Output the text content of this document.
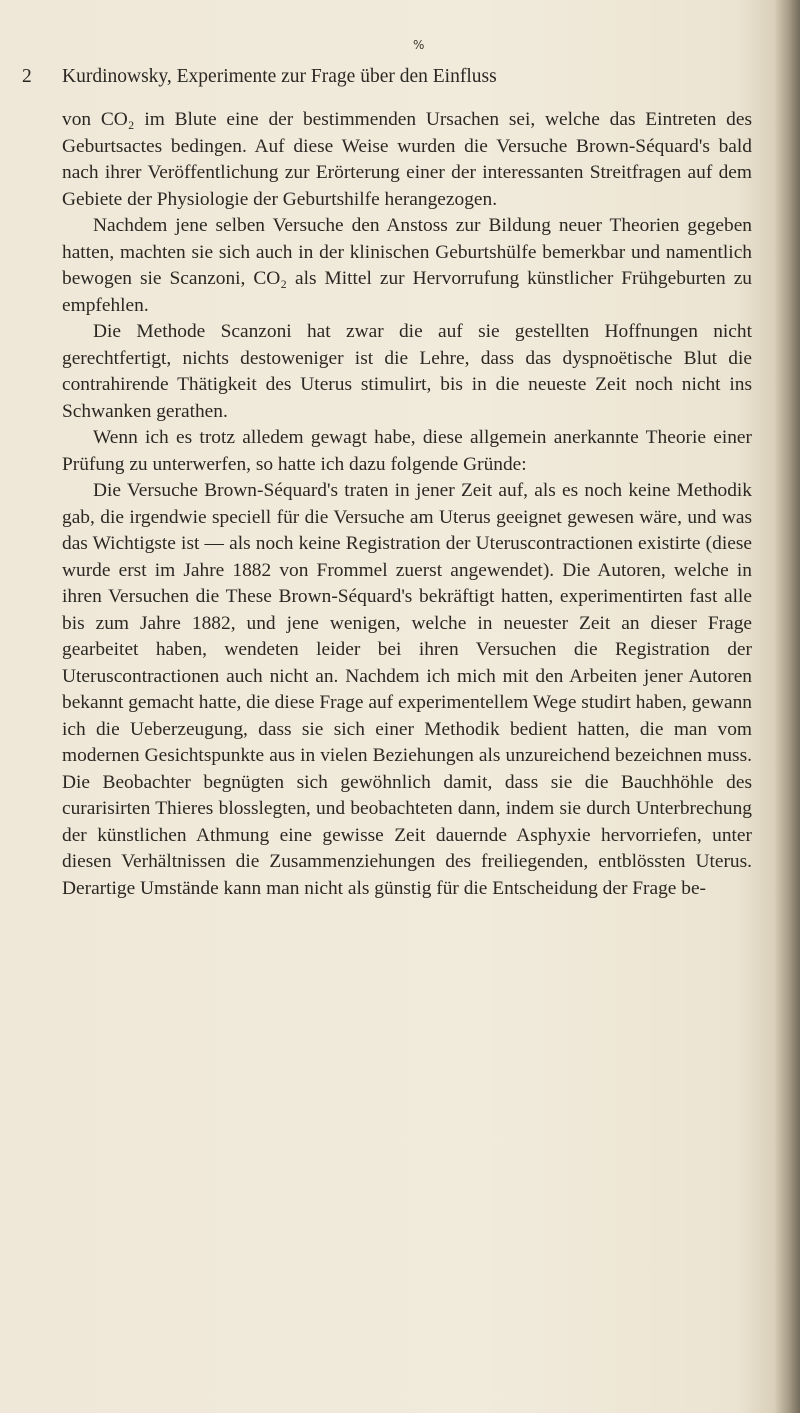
%
2 Kurdinowsky, Experimente zur Frage über den Einfluss

von CO₂ im Blute eine der bestimmenden Ursachen sei, welche das Eintreten des Geburtsactes bedingen. Auf diese Weise wurden die Versuche Brown-Séquard's bald nach ihrer Veröffentlichung zur Erörterung einer der interessanten Streitfragen auf dem Gebiete der Physiologie der Geburtshilfe herangezogen.

Nachdem jene selben Versuche den Anstoss zur Bildung neuer Theorien gegeben hatten, machten sie sich auch in der klinischen Geburtshülfe bemerkbar und namentlich bewogen sie Scanzoni, CO₂ als Mittel zur Hervorrufung künstlicher Frühgeburten zu empfehlen.

Die Methode Scanzoni hat zwar die auf sie gestellten Hoffnungen nicht gerechtfertigt, nichts destoweniger ist die Lehre, dass das dyspnoëtische Blut die contrahirende Thätigkeit des Uterus stimulirt, bis in die neueste Zeit noch nicht ins Schwanken gerathen.

Wenn ich es trotz alledem gewagt habe, diese allgemein anerkannte Theorie einer Prüfung zu unterwerfen, so hatte ich dazu folgende Gründe:

Die Versuche Brown-Séquard's traten in jener Zeit auf, als es noch keine Methodik gab, die irgendwie speciell für die Versuche am Uterus geeignet gewesen wäre, und was das Wichtigste ist — als noch keine Registration der Uteruscontractionen existirte (diese wurde erst im Jahre 1882 von Frommel zuerst angewendet). Die Autoren, welche in ihren Versuchen die These Brown-Séquard's bekräftigt hatten, experimentirten fast alle bis zum Jahre 1882, und jene wenigen, welche in neuester Zeit an dieser Frage gearbeitet haben, wendeten leider bei ihren Versuchen die Registration der Uteruscontractionen auch nicht an. Nachdem ich mich mit den Arbeiten jener Autoren bekannt gemacht hatte, die diese Frage auf experimentellem Wege studirt haben, gewann ich die Ueberzeugung, dass sie sich einer Methodik bedient hatten, die man vom modernen Gesichtspunkte aus in vielen Beziehungen als unzureichend bezeichnen muss. Die Beobachter begnügten sich gewöhnlich damit, dass sie die Bauchhöhle des curarisirten Thieres blosslegten, und beobachteten dann, indem sie durch Unterbrechung der künstlichen Athmung eine gewisse Zeit dauernde Asphyxie hervorriefen, unter diesen Verhältnissen die Zusammenziehungen des freiliegenden, entblössten Uterus. Derartige Umstände kann man nicht als günstig für die Entscheidung der Frage be-
